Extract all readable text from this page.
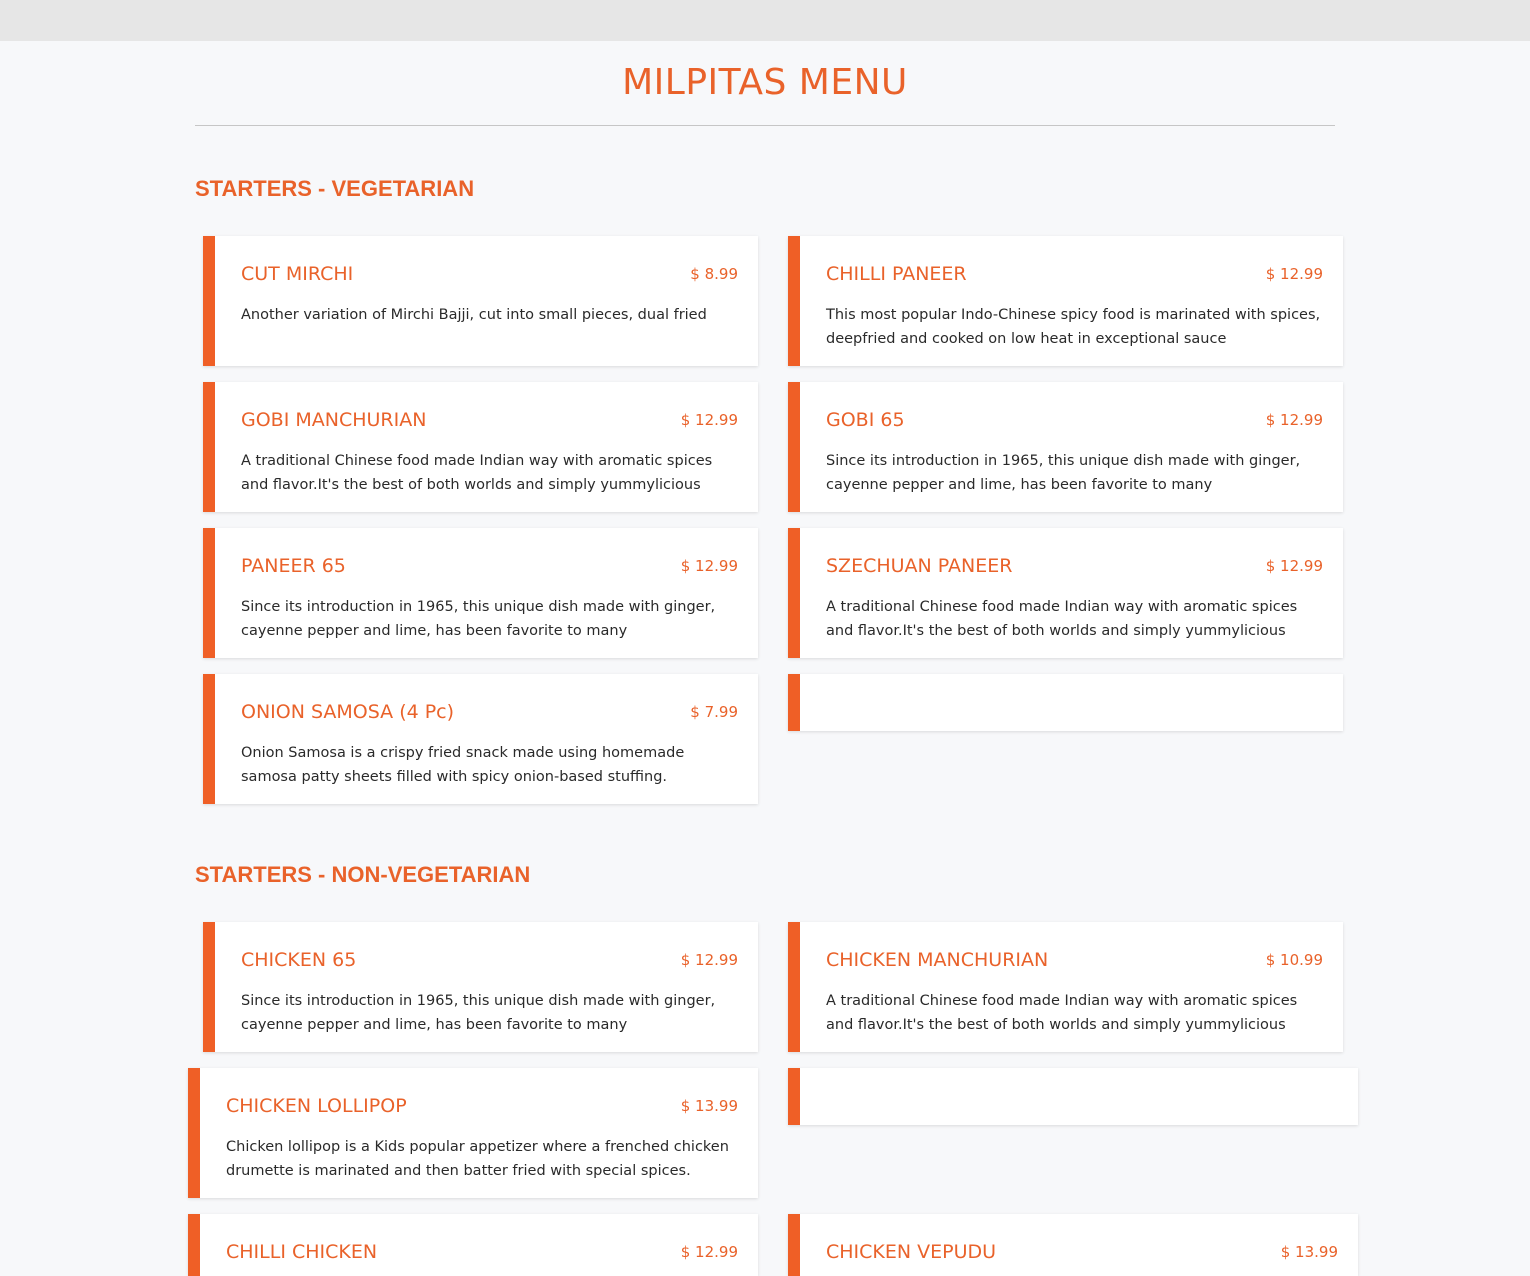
MILPITAS MENU
STARTERS - VEGETARIAN
CUT MIRCHI	$ 8.99
Another variation of Mirchi Bajji, cut into small pieces, dual fried
CHILLI PANEER	$ 12.99
This most popular Indo-Chinese spicy food is marinated with spices, deepfried and cooked on low heat in exceptional sauce
GOBI MANCHURIAN	$ 12.99
A traditional Chinese food made Indian way with aromatic spices and flavor.It's the best of both worlds and simply yummylicious
GOBI 65	$ 12.99
Since its introduction in 1965, this unique dish made with ginger, cayenne pepper and lime, has been favorite to many
PANEER 65	$ 12.99
Since its introduction in 1965, this unique dish made with ginger, cayenne pepper and lime, has been favorite to many
SZECHUAN PANEER	$ 12.99
A traditional Chinese food made Indian way with aromatic spices and flavor.It's the best of both worlds and simply yummylicious
ONION SAMOSA (4 Pc)	$ 7.99
Onion Samosa is a crispy fried snack made using homemade samosa patty sheets filled with spicy onion-based stuffing.
STARTERS - NON-VEGETARIAN
CHICKEN 65	$ 12.99
Since its introduction in 1965, this unique dish made with ginger, cayenne pepper and lime, has been favorite to many
CHICKEN MANCHURIAN	$ 10.99
A traditional Chinese food made Indian way with aromatic spices and flavor.It's the best of both worlds and simply yummylicious
CHICKEN LOLLIPOP	$ 13.99
Chicken lollipop is a Kids popular appetizer where a frenched chicken drumette is marinated and then batter fried with special spices.
CHILLI CHICKEN	$ 12.99	CHICKEN VEPUDU	$ 13.99
